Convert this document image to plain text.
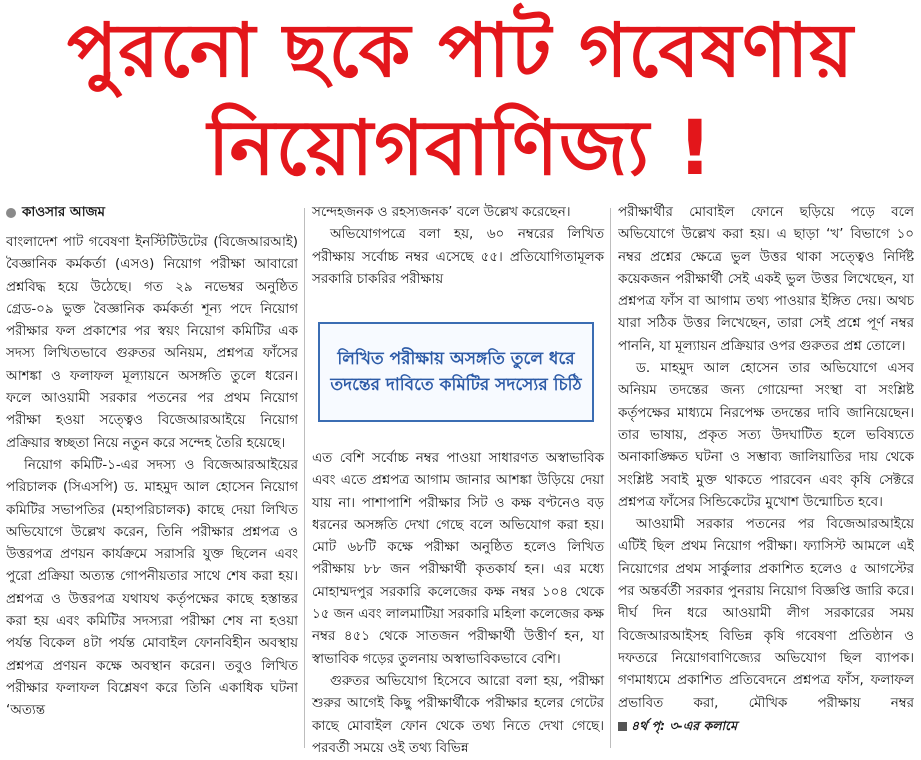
পুরনো ছকে পাট গবেষণায়
নিয়োগবাণিজ্য !
কাওসার আজম

বাংলাদেশ পাট গবেষণা ইনস্টিটিউটের (বিজেআরআই) বৈজ্ঞানিক কর্মকর্তা (এসও) নিয়োগ পরীক্ষা আবারো প্রশ্নবিদ্ধ হয়ে উঠেছে। গত ২৯ নভেম্বর অনুষ্ঠিত গ্রেড-০৯ ভুক্ত বৈজ্ঞানিক কর্মকর্তা শূন্য পদে নিয়োগ পরীক্ষার ফল প্রকাশের পর স্বয়ং নিয়োগ কমিটির এক সদস্য লিখিতভাবে গুরুতর অনিয়ম, প্রশ্নপত্র ফাঁসের আশঙ্কা ও ফলাফল মূল্যায়নে অসঙ্গতি তুলে ধরেন। ফলে আওয়ামী সরকার পতনের পর প্রথম নিয়োগ পরীক্ষা হওয়া সত্ত্বেও বিজেআরআইয়ে নিয়োগ প্রক্রিয়ার স্বচ্ছতা নিয়ে নতুন করে সন্দেহ তৈরি হয়েছে।

নিয়োগ কমিটি-১-এর সদস্য ও বিজেআরআইয়ের পরিচালক (সিএসপি) ড. মাহমুদ আল হোসেন নিয়োগ কমিটির সভাপতির (মহাপরিচালক) কাছে দেয়া লিখিত অভিযোগে উল্লেখ করেন, তিনি পরীক্ষার প্রশ্নপত্র ও উত্তরপত্র প্রণয়ন কার্যক্রমে সরাসরি যুক্ত ছিলেন এবং পুরো প্রক্রিয়া অত্যন্ত গোপনীয়তার সাথে শেষ করা হয়। প্রশ্নপত্র ও উত্তরপত্র যথাযথ কর্তৃপক্ষের কাছে হস্তান্তর করা হয় এবং কমিটির সদস্যরা পরীক্ষা শেষ না হওয়া পর্যন্ত বিকেল ৪টা পর্যন্ত মোবাইল ফোনবিহীন অবস্থায় প্রশ্নপত্র প্রণয়ন কক্ষে অবস্থান করেন। তবুও লিখিত পরীক্ষার ফলাফল বিশ্লেষণ করে তিনি একাধিক ঘটনা ‘অত্যন্ত

সন্দেহজনক ও রহস্যজনক’ বলে উল্লেখ করেছেন।

অভিযোগপত্রে বলা হয়, ৬০ নম্বরের লিখিত পরীক্ষায় সর্বোচ্চ নম্বর এসেছে ৫৫। প্রতিযোগিতামূলক সরকারি চাকরির পরীক্ষায়

লিখিত পরীক্ষায় অসঙ্গতি তুলে ধরে তদন্তের দাবিতে কমিটির সদস্যের চিঠি

এত বেশি সর্বোচ্চ নম্বর পাওয়া সাধারণত অস্বাভাবিক এবং এতে প্রশ্নপত্র আগাম জানার আশঙ্কা উড়িয়ে দেয়া যায় না। পাশাপাশি পরীক্ষার সিট ও কক্ষ বণ্টনেও বড় ধরনের অসঙ্গতি দেখা গেছে বলে অভিযোগ করা হয়। মোট ৬৮টি কক্ষে পরীক্ষা অনুষ্ঠিত হলেও লিখিত পরীক্ষায় ৮৮ জন পরীক্ষার্থী কৃতকার্য হন। এর মধ্যে মোহাম্মদপুর সরকারি কলেজের কক্ষ নম্বর ১০৪ থেকে ১৫ জন এবং লালমাটিয়া সরকারি মহিলা কলেজের কক্ষ নম্বর ৪৫১ থেকে সাতজন পরীক্ষার্থী উত্তীর্ণ হন, যা স্বাভাবিক গড়ের তুলনায় অস্বাভাবিকভাবে বেশি।

গুরুতর অভিযোগ হিসেবে আরো বলা হয়, পরীক্ষা শুরুর আগেই কিছু পরীক্ষার্থীকে পরীক্ষার হলের গেটের কাছে মোবাইল ফোন থেকে তথ্য নিতে দেখা গেছে। পরবর্তী সময়ে ওই তথ্য বিভিন্ন

পরীক্ষার্থীর মোবাইল ফোনে ছড়িয়ে পড়ে বলে অভিযোগে উল্লেখ করা হয়। এ ছাড়া ‘খ’ বিভাগে ১০ নম্বর প্রশ্নের ক্ষেত্রে ভুল উত্তর থাকা সত্ত্বেও নির্দিষ্ট কয়েকজন পরীক্ষার্থী সেই একই ভুল উত্তর লিখেছেন, যা প্রশ্নপত্র ফাঁস বা আগাম তথ্য পাওয়ার ইঙ্গিত দেয়। অথচ যারা সঠিক উত্তর লিখেছেন, তারা সেই প্রশ্নে পূর্ণ নম্বর পাননি, যা মূল্যায়ন প্রক্রিয়ার ওপর গুরুতর প্রশ্ন তোলে।

ড. মাহমুদ আল হোসেন তার অভিযোগে এসব অনিয়ম তদন্তের জন্য গোয়েন্দা সংস্থা বা সংশ্লিষ্ট কর্তৃপক্ষের মাধ্যমে নিরপেক্ষ তদন্তের দাবি জানিয়েছেন। তার ভাষায়, প্রকৃত সত্য উদঘাটিত হলে ভবিষ্যতে অনাকাঙ্ক্ষিত ঘটনা ও সম্ভাব্য জালিয়াতির দায় থেকে সংশ্লিষ্ট সবাই মুক্ত থাকতে পারবেন এবং কৃষি সেক্টরে প্রশ্নপত্র ফাঁসের সিন্ডিকেটের মুখোশ উন্মোচিত হবে।

আওয়ামী সরকার পতনের পর বিজেআরআইয়ে এটিই ছিল প্রথম নিয়োগ পরীক্ষা। ফ্যাসিস্ট আমলে এই নিয়োগের প্রথম সার্কুলার প্রকাশিত হলেও ৫ আগস্টের পর অন্তর্বর্তী সরকার পুনরায় নিয়োগ বিজ্ঞপ্তি জারি করে। দীর্ঘ দিন ধরে আওয়ামী লীগ সরকারের সময় বিজেআরআইসহ বিভিন্ন কৃষি গবেষণা প্রতিষ্ঠান ও দফতরে নিয়োগবাণিজ্যের অভিযোগ ছিল ব্যাপক। গণমাধ্যমে প্রকাশিত প্রতিবেদনে প্রশ্নপত্র ফাঁস, ফলাফল প্রভাবিত করা, মৌখিক পরীক্ষায় নম্বর ৪র্থ পৃ: ৩-এর কলামে
